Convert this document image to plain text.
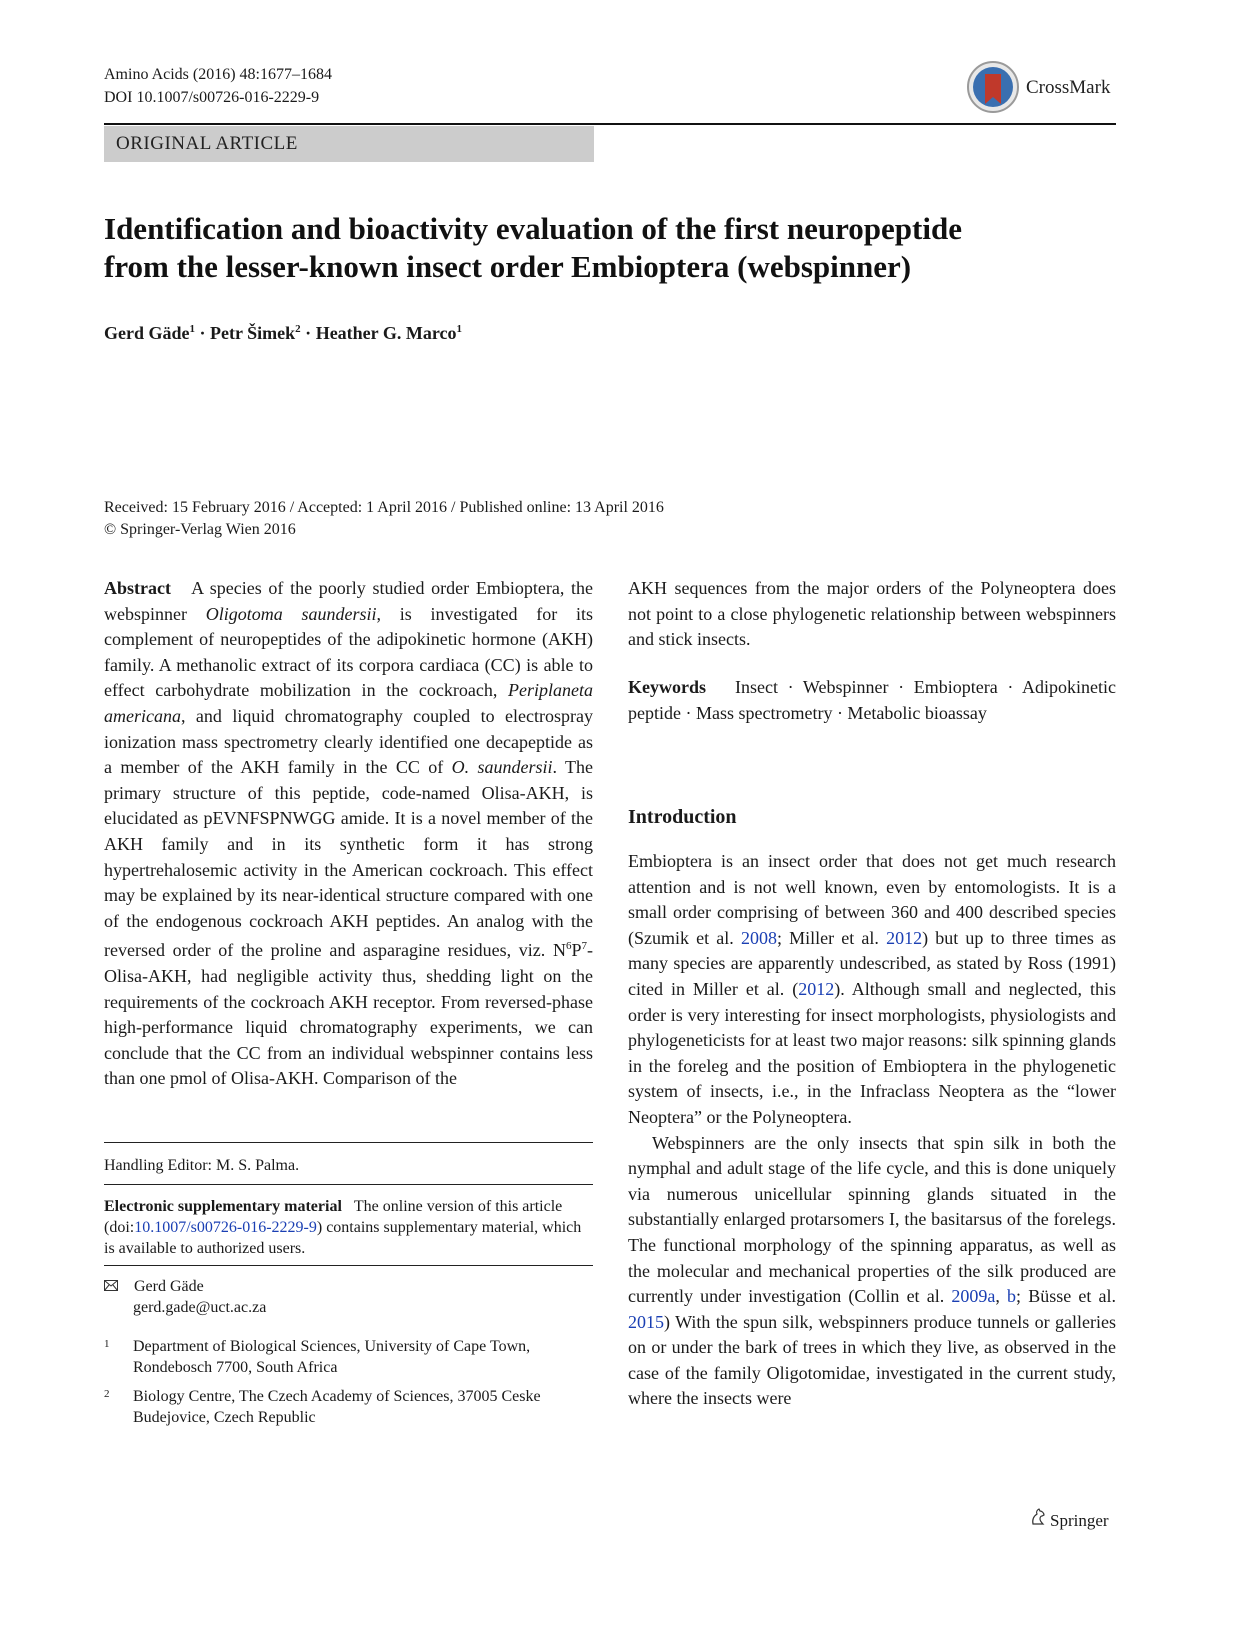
Amino Acids (2016) 48:1677–1684
DOI 10.1007/s00726-016-2229-9	CrossMark
ORIGINAL ARTICLE
Identification and bioactivity evaluation of the first neuropeptide
from the lesser-known insect order Embioptera (webspinner)
Gerd Gäde$^1$ · Petr Šimek$^2$ · Heather G. Marco$^1$
Received: 15 February 2016 / Accepted: 1 April 2016 / Published online: 13 April 2016
© Springer-Verlag Wien 2016

Abstract A species of the poorly studied order Embioptera, the webspinner Oligotoma saundersii, is investigated for its complement of neuropeptides of the adipokinetic hormone (AKH) family. A methanolic extract of its corpora cardiaca (CC) is able to effect carbohydrate mobilization in the cockroach, Periplaneta americana, and liquid chromatography coupled to electrospray ionization mass spectrometry clearly identified one decapeptide as a member of the AKH family in the CC of O. saundersii. The primary structure of this peptide, code-named Olisa-AKH, is elucidated as pEVNFSPNWGG amide. It is a novel member of the AKH family and in its synthetic form it has strong hypertrehalosemic activity in the American cockroach. This effect may be explained by its near-identical structure compared with one of the endogenous cockroach AKH peptides. An analog with the reversed order of the proline and asparagine residues, viz. $N^6P^7-Olisa$-AKH, had negligible activity thus, shedding light on the requirements of the cockroach AKH receptor. From reversed-phase high-performance liquid chromatography experiments, we can conclude that the CC from an individual webspinner contains less than one pmol of Olisa-AKH. Comparison of the

Handling Editor: M. S. Palma.
Electronic supplementary material The online version of this article (doi:10.1007/s00726-016-2229-9) contains supplementary material, which is available to authorized users.
Gerd Gäde
gerd.gade@uct.ac.za
1 Department of Biological Sciences, University of Cape Town, Rondebosch 7700, South Africa
2 Biology Centre, The Czech Academy of Sciences, 37005 Ceske Budejovice, Czech Republic

AKH sequences from the major orders of the Polyneoptera does not point to a close phylogenetic relationship between webspinners and stick insects.

Keywords Insect · Webspinner · Embioptera · Adipokinetic peptide · Mass spectrometry · Metabolic bioassay

Introduction

Embioptera is an insect order that does not get much research attention and is not well known, even by entomologists. It is a small order comprising of between 360 and 400 described species (Szumik et al. 2008; Miller et al. 2012) but up to three times as many species are apparently undescribed, as stated by Ross (1991) cited in Miller et al. (2012). Although small and neglected, this order is very interesting for insect morphologists, physiologists and phylogeneticists for at least two major reasons: silk spinning glands in the foreleg and the position of Embioptera in the phylogenetic system of insects, i.e., in the Infraclass Neoptera as the “lower Neoptera” or the Polyneoptera.

Webspinners are the only insects that spin silk in both the nymphal and adult stage of the life cycle, and this is done uniquely via numerous unicellular spinning glands situated in the substantially enlarged protarsomers I, the basitarsus of the forelegs. The functional morphology of the spinning apparatus, as well as the molecular and mechanical properties of the silk produced are currently under investigation (Collin et al. 2009a, b; Büsse et al. 2015) With the spun silk, webspinners produce tunnels or galleries on or under the bark of trees in which they live, as observed in the case of the family Oligotomidae, investigated in the current study, where the insects were

Springer
